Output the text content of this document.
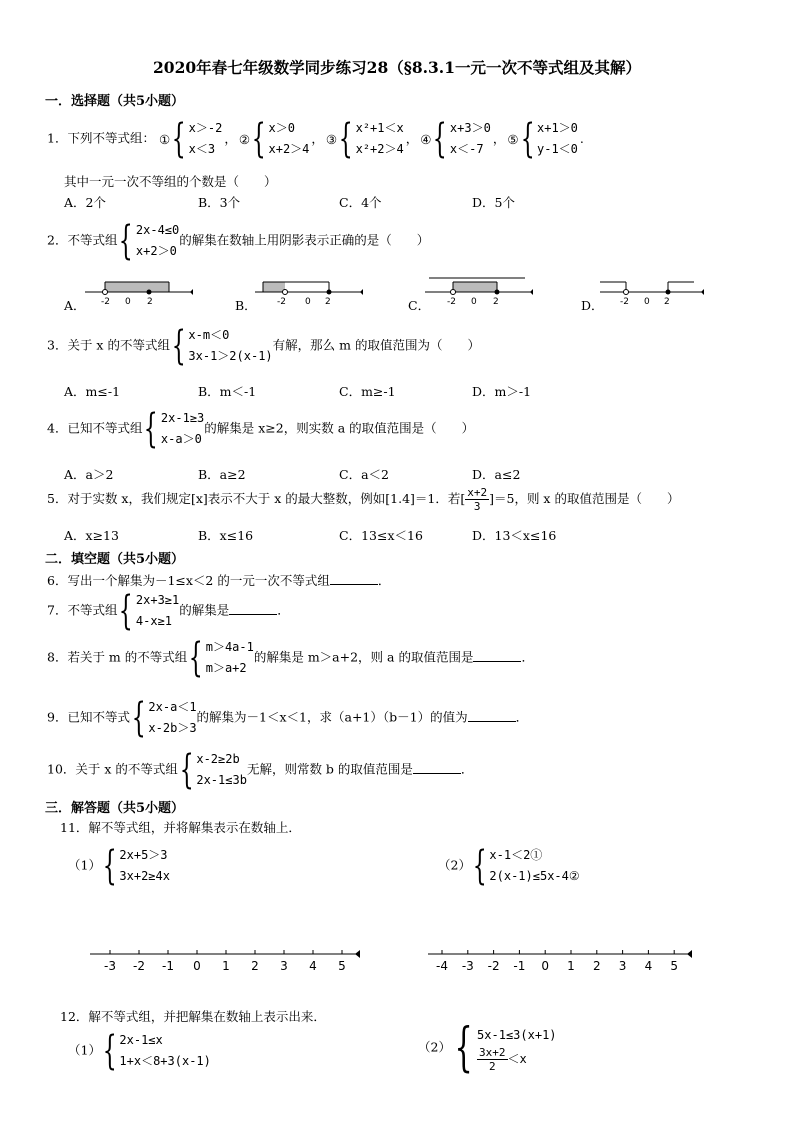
2020年春七年级数学同步练习28（§8.3.1一元一次不等式组及其解）
一．选择题（共5小题）
1．下列不等式组： ① { x＞-2
x＜3
， ② { x＞0
x+2＞4
， ③ { x²+1＜x
x²+2＞4
， ④ { x+3＞0
x＜-7
， ⑤ { x+1＞0
y-1＜0
.
其中一元一次不等组的个数是（　　）
A．2个	B．3个	C．4个	D．5个
2．不等式组 { 2x-4≤0
x+2＞0
的解集在数轴上用阴影表示正确的是（　　）
A．	B．	C．	D．
-2 0 2	-2 0 2	-2 0 2	-2 0 2
3．关于 x 的不等式组 { x-m＜0
3x-1＞2(x-1)
有解，那么 m 的取值范围为（　　）
A．m≤-1	B．m＜-1	C．m≥-1	D．m＞-1
4．已知不等式组 { 2x-1≥3
x-a＞0
的解集是 x≥2，则实数 a 的取值范围是（　　）
A．a＞2	B．a≥2	C．a＜2	D．a≤2
5．对于实数 x，我们规定[x]表示不大于 x 的最大整数，例如[1.4]＝1．若[ $\frac{x+2}{3} ]=5$，则 x 的取值范围是（　　）
A．x≥13	B．x≤16	C．13≤x＜16	D．13＜x≤16
二．填空题（共5小题）
6．写出一个解集为－1≤x＜2 的一元一次不等式组	．
7．不等式组 { 2x+3≥1
4-x≥1
的解集是	．
8．若关于 m 的不等式组 { m＞4a-1
m＞a+2
的解集是 m＞a+2，则 a 的取值范围是	．
9．已知不等式 { 2x-a＜1
x-2b＞3
的解集为－1＜x＜1，求（a+1）（b－1）的值为	．
10．关于 x 的不等式组 { x-2≥2b
2x-1≤3b
无解，则常数 b 的取值范围是	．
三．解答题（共5小题）
11．解不等式组，并将解集表示在数轴上．
（1） { 2x+5＞3
3x+2≥4x
（2） { x-1＜2①
2(x-1)≤5x-4②
-3 -2 -1 0 1 2 3 4 5	-4 -3 -2 -1 0 1 2 3 4 5
12．解不等式组，并把解集在数轴上表示出来．
（1） { 2x-1≤x
1+x＜8+3(x-1)
（2） { 5x-1≤3(x+1)
$\frac{3x+2}{2} <x$
